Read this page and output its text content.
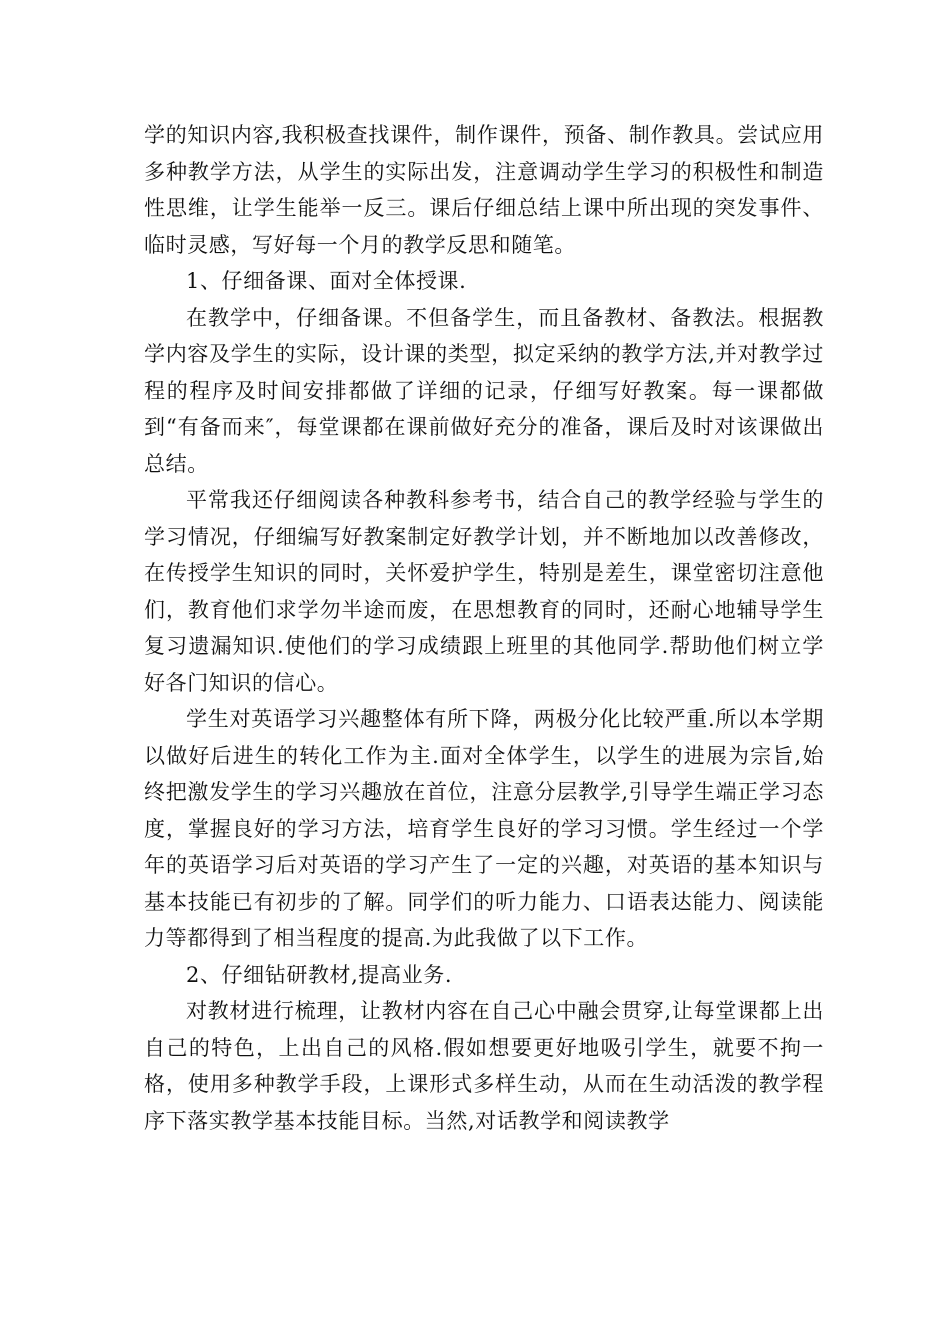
学的知识内容,我积极查找课件，制作课件，预备、制作教具。尝试应用多种教学方法，从学生的实际出发，注意调动学生学习的积极性和制造性思维，让学生能举一反三。课后仔细总结上课中所出现的突发事件、临时灵感，写好每一个月的教学反思和随笔。

1、仔细备课、面对全体授课.

在教学中，仔细备课。不但备学生，而且备教材、备教法。根据教学内容及学生的实际，设计课的类型，拟定采纳的教学方法,并对教学过程的程序及时间安排都做了详细的记录，仔细写好教案。每一课都做到“有备而来″，每堂课都在课前做好充分的准备，课后及时对该课做出总结。

平常我还仔细阅读各种教科参考书，结合自己的教学经验与学生的学习情况，仔细编写好教案制定好教学计划，并不断地加以改善修改，在传授学生知识的同时，关怀爱护学生，特别是差生，课堂密切注意他们，教育他们求学勿半途而废，在思想教育的同时，还耐心地辅导学生复习遗漏知识.使他们的学习成绩跟上班里的其他同学.帮助他们树立学好各门知识的信心。

学生对英语学习兴趣整体有所下降，两极分化比较严重.所以本学期以做好后进生的转化工作为主.面对全体学生，以学生的进展为宗旨,始终把激发学生的学习兴趣放在首位，注意分层教学,引导学生端正学习态度，掌握良好的学习方法，培育学生良好的学习习惯。学生经过一个学年的英语学习后对英语的学习产生了一定的兴趣，对英语的基本知识与基本技能已有初步的了解。同学们的听力能力、口语表达能力、阅读能力等都得到了相当程度的提高.为此我做了以下工作。

2、仔细钻研教材,提高业务.

对教材进行梳理，让教材内容在自己心中融会贯穿,让每堂课都上出自己的特色，上出自己的风格.假如想要更好地吸引学生，就要不拘一格，使用多种教学手段，上课形式多样生动，从而在生动活泼的教学程序下落实教学基本技能目标。当然,对话教学和阅读教学
